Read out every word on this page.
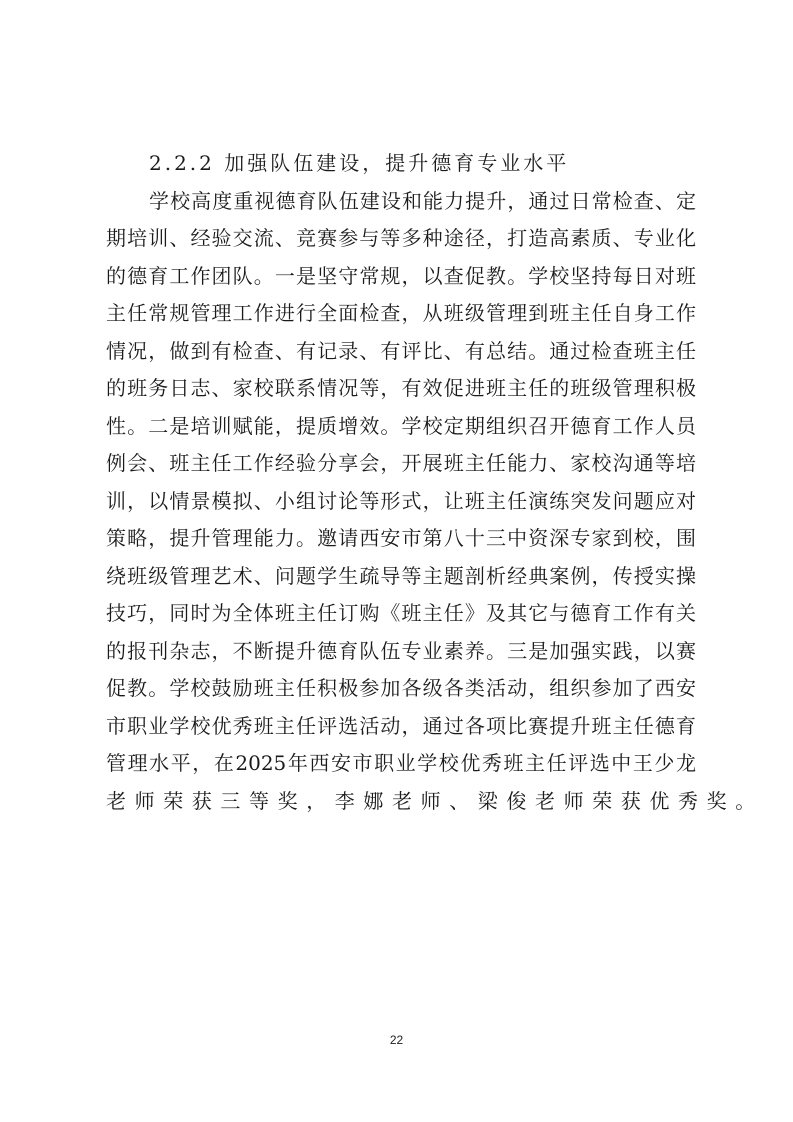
2.2.2 加强队伍建设，提升德育专业水平
学 校 高 度 重 视 德 育 队 伍 建 设 和 能 力 提 升 ， 通 过 日 常 检 查 、 定
期 培 训 、 经 验 交 流 、 竞 赛 参 与 等 多 种 途 径 ， 打 造 高 素 质 、 专 业 化
的 德 育 工 作 团 队 。 一 是 坚 守 常 规 ， 以 查 促 教 。 学 校 坚 持 每 日 对 班
主 任 常 规 管 理 工 作 进 行 全 面 检 查 ， 从 班 级 管 理 到 班 主 任 自 身 工 作
情 况 ， 做 到 有 检 查 、 有 记 录 、 有 评 比 、 有 总 结 。 通 过 检 查 班 主 任
的 班 务 日 志 、 家 校 联 系 情 况 等 ， 有 效 促 进 班 主 任 的 班 级 管 理 积 极
性 。 二 是 培 训 赋 能 ， 提 质 增 效 。 学 校 定 期 组 织 召 开 德 育 工 作 人 员
例 会 、 班 主 任 工 作 经 验 分 享 会 ， 开 展 班 主 任 能 力 、 家 校 沟 通 等 培
训 ， 以 情 景 模 拟 、 小 组 讨 论 等 形 式 ， 让 班 主 任 演 练 突 发 问 题 应 对
策 略 ， 提 升 管 理 能 力 。 邀 请 西 安 市 第 八 十 三 中 资 深 专 家 到 校 ， 围
绕 班 级 管 理 艺 术 、 问 题 学 生 疏 导 等 主 题 剖 析 经 典 案 例 ， 传 授 实 操
技 巧 ， 同 时 为 全 体 班 主 任 订 购 《 班 主 任 》 及 其 它 与 德 育 工 作 有 关
的 报 刊 杂 志 ， 不 断 提 升 德 育 队 伍 专 业 素 养 。 三 是 加 强 实 践 ， 以 赛
促 教 。 学 校 鼓 励 班 主 任 积 极 参 加 各 级 各 类 活 动 ， 组 织 参 加 了 西 安
市 职 业 学 校 优 秀 班 主 任 评 选 活 动 ， 通 过 各 项 比 赛 提 升 班 主 任 德 育
管 理 水 平 ， 在 2025 年 西 安 市 职 业 学 校 优 秀 班 主 任 评 选 中 王 少 龙
老师荣获三等奖，李娜老师、梁俊老师荣获优秀奖。
22
